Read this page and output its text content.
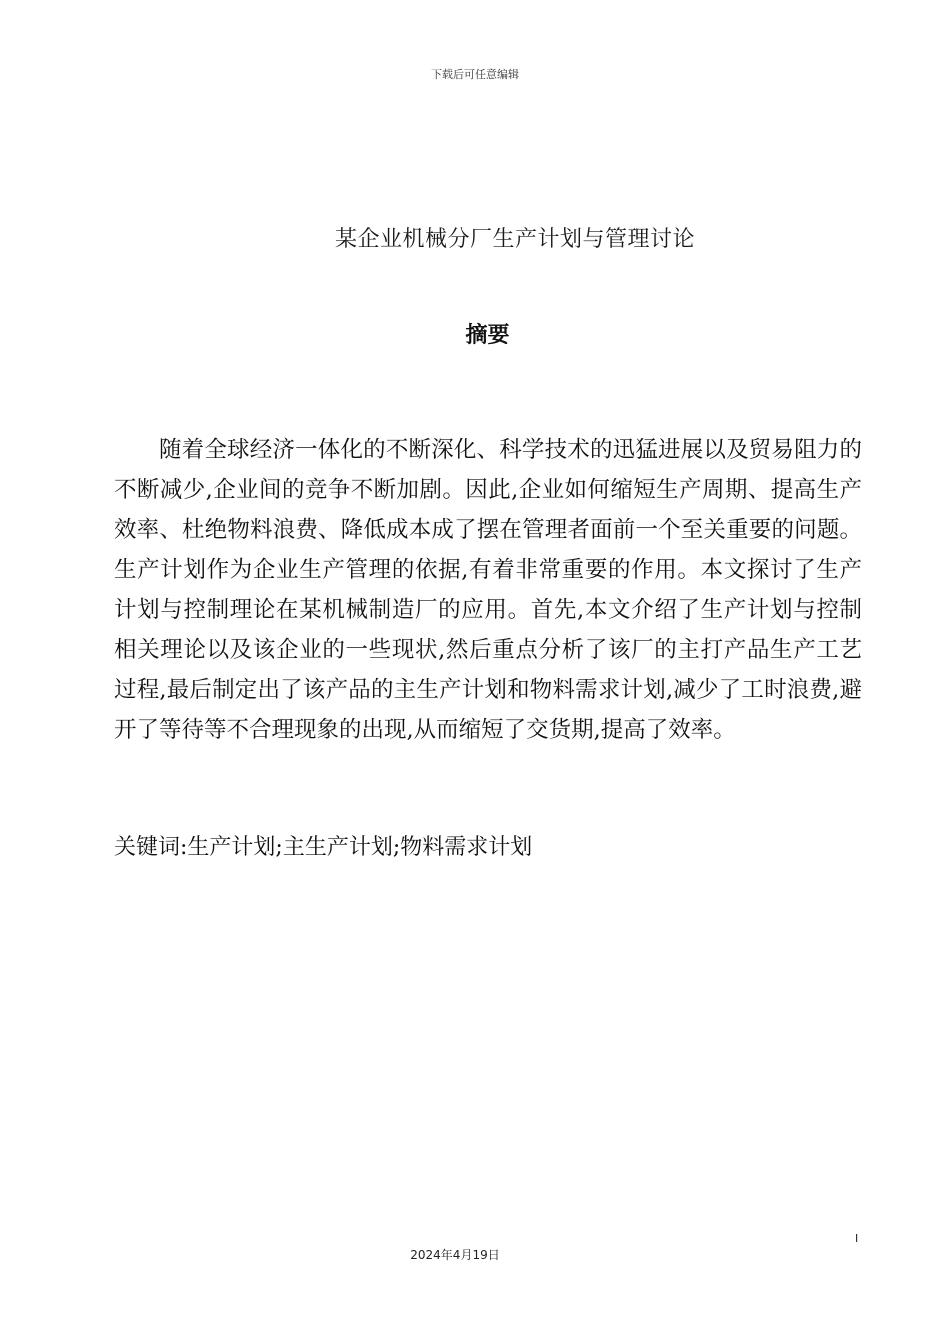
下载后可任意编辑
某企业机械分厂生产计划与管理讨论
摘要

随着全球经济一体化的不断深化、科学技术的迅猛进展以及贸易阻力的不断减少,企业间的竞争不断加剧。因此,企业如何缩短生产周期、提高生产效率、杜绝物料浪费、降低成本成了摆在管理者面前一个至关重要的问题。生产计划作为企业生产管理的依据,有着非常重要的作用。本文探讨了生产计划与控制理论在某机械制造厂的应用。首先,本文介绍了生产计划与控制相关理论以及该企业的一些现状,然后重点分析了该厂的主打产品生产工艺过程,最后制定出了该产品的主生产计划和物料需求计划,减少了工时浪费,避开了等待等不合理现象的出现,从而缩短了交货期,提高了效率。

关键词:生产计划;主生产计划;物料需求计划

I
2024年4月19日
